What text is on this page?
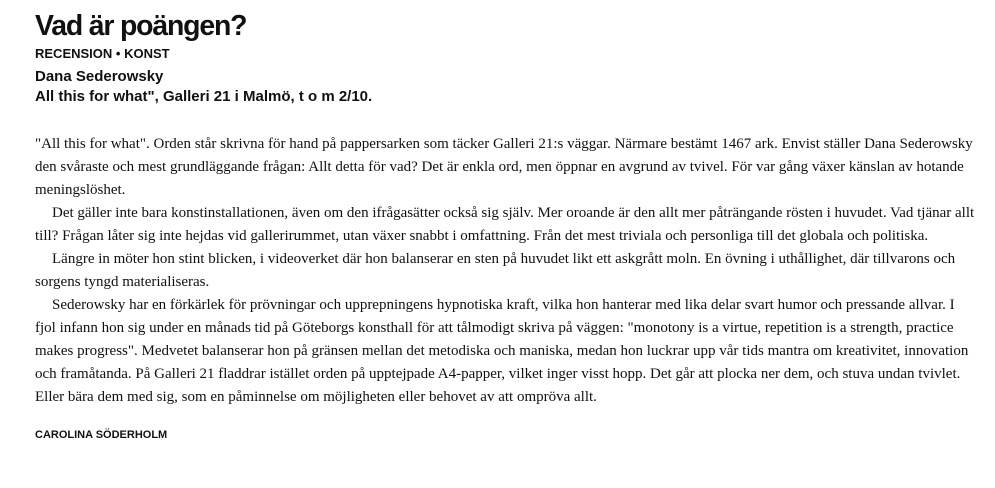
Vad är poängen?
RECENSION • KONST
Dana Sederowsky
All this for what", Galleri 21 i Malmö, t o m 2/10.

"All this for what". Orden står skrivna för hand på pappersarken som täcker Galleri 21:s väggar. Närmare bestämt 1467 ark. Envist ställer Dana Sederowsky den svåraste och mest grundläggande frågan: Allt detta för vad? Det är enkla ord, men öppnar en avgrund av tvivel. För var gång växer känslan av hotande meningslöshet.

Det gäller inte bara konstinstallationen, även om den ifrågasätter också sig själv. Mer oroande är den allt mer påträngande rösten i huvudet. Vad tjänar allt till? Frågan låter sig inte hejdas vid gallerirummet, utan växer snabbt i omfattning. Från det mest triviala och personliga till det globala och politiska.

Längre in möter hon stint blicken, i videoverket där hon balanserar en sten på huvudet likt ett askgrått moln. En övning i uthållighet, där tillvarons och sorgens tyngd materialiseras.

Sederowsky har en förkärlek för prövningar och upprepningens hypnotiska kraft, vilka hon hanterar med lika delar svart humor och pressande allvar. I fjol infann hon sig under en månads tid på Göteborgs konsthall för att tålmodigt skriva på väggen: "monotony is a virtue, repetition is a strength, practice makes progress". Medvetet balanserar hon på gränsen mellan det metodiska och maniska, medan hon luckrar upp vår tids mantra om kreativitet, innovation och framåtanda. På Galleri 21 fladdrar istället orden på upptejpade A4-papper, vilket inger visst hopp. Det går att plocka ner dem, och stuva undan tvivlet. Eller bära dem med sig, som en påminnelse om möjligheten eller behovet av att ompröva allt.

CAROLINA SÖDERHOLM
